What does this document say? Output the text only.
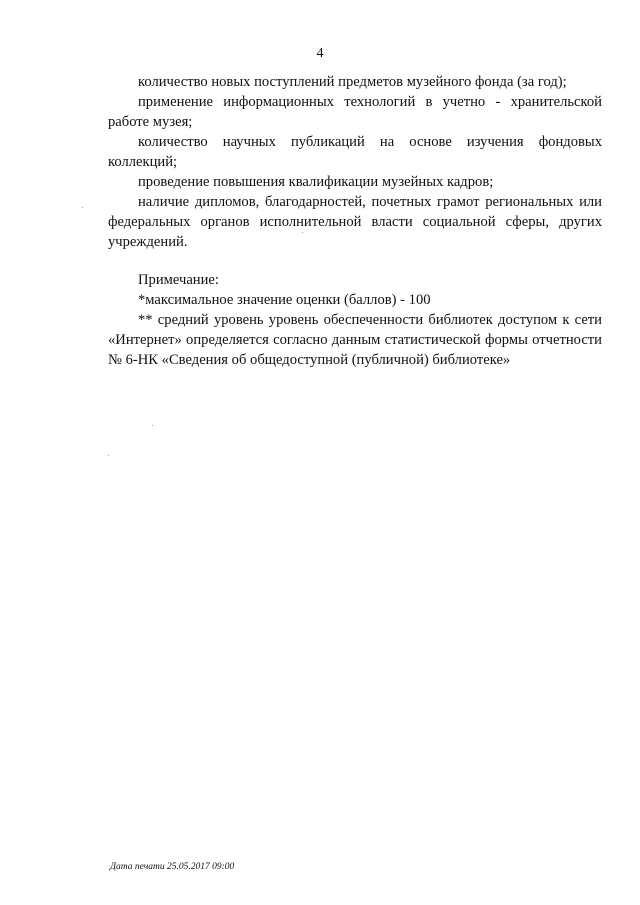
4

количество новых поступлений предметов музейного фонда (за год);

применение информационных технологий в учетно - хранительской работе музея;

количество научных публикаций на основе изучения фондовых коллекций;

проведение повышения квалификации музейных кадров;

наличие дипломов, благодарностей, почетных грамот региональных или федеральных органов исполнительной власти социальной сферы, других учреждений.

Примечание:

*максимальное значение оценки (баллов) - 100

** средний уровень уровень обеспеченности библиотек доступом к сети «Интернет» определяется согласно данным статистической формы отчетности № 6-НК «Сведения об общедоступной (публичной) библиотеке»

Дата печати 25.05.2017 09:00
